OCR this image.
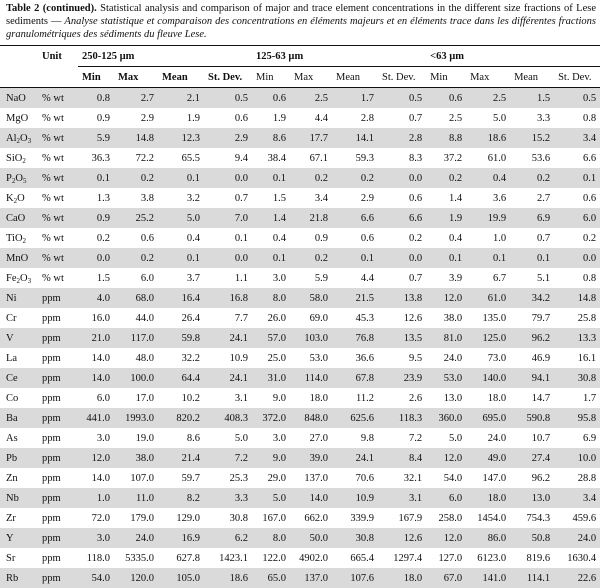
Table 2 (continued). Statistical analysis and comparison of major and trace element concentrations in the different size fractions of Lese sediments — Analyse statistique et comparaison des concentrations en éléments majeurs et en éléments trace dans les différentes fractions granulométriques des sédiments du fleuve Lese.
	Unit	250-125 µm				125-63 µm				<63 µm			
		Min	Max	Mean	St. Dev.	Min	Max	Mean	St. Dev.	Min	Max	Mean	St. Dev.
NaO	% wt	0.8	2.7	2.1	0.5	0.6	2.5	1.7	0.5	0.6	2.5	1.5	0.5
MgO	% wt	0.9	2.9	1.9	0.6	1.9	4.4	2.8	0.7	2.5	5.0	3.3	0.8
$Al_2O_3$	% wt	5.9	14.8	12.3	2.9	8.6	17.7	14.1	2.8	8.8	18.6	15.2	3.4
SiO$_2$	% wt	36.3	72.2	65.5	9.4	38.4	67.1	59.3	8.3	37.2	61.0	53.6	6.6
$P_2O_5$	% wt	0.1	0.2	0.1	0.0	0.1	0.2	0.2	0.0	0.2	0.4	0.2	0.1
$K_2O$	% wt	1.3	3.8	3.2	0.7	1.5	3.4	2.9	0.6	1.4	3.6	2.7	0.6
CaO	% wt	0.9	25.2	5.0	7.0	1.4	21.8	6.6	6.6	1.9	19.9	6.9	6.0
TiO$_2$	% wt	0.2	0.6	0.4	0.1	0.4	0.9	0.6	0.2	0.4	1.0	0.7	0.2
MnO	% wt	0.0	0.2	0.1	0.0	0.1	0.2	0.1	0.0	0.1	0.1	0.1	0.0
$Fe_2O_3$	% wt	1.5	6.0	3.7	1.1	3.0	5.9	4.4	0.7	3.9	6.7	5.1	0.8
Ni	ppm	4.0	68.0	16.4	16.8	8.0	58.0	21.5	13.8	12.0	61.0	34.2	14.8
Cr	ppm	16.0	44.0	26.4	7.7	26.0	69.0	45.3	12.6	38.0	135.0	79.7	25.8
V	ppm	21.0	117.0	59.8	24.1	57.0	103.0	76.8	13.5	81.0	125.0	96.2	13.3
La	ppm	14.0	48.0	32.2	10.9	25.0	53.0	36.6	9.5	24.0	73.0	46.9	16.1
Ce	ppm	14.0	100.0	64.4	24.1	31.0	114.0	67.8	23.9	53.0	140.0	94.1	30.8
Co	ppm	6.0	17.0	10.2	3.1	9.0	18.0	11.2	2.6	13.0	18.0	14.7	1.7
Ba	ppm	441.0	1993.0	820.2	408.3	372.0	848.0	625.6	118.3	360.0	695.0	590.8	95.8
As	ppm	3.0	19.0	8.6	5.0	3.0	27.0	9.8	7.2	5.0	24.0	10.7	6.9
Pb	ppm	12.0	38.0	21.4	7.2	9.0	39.0	24.1	8.4	12.0	49.0	27.4	10.0
Zn	ppm	14.0	107.0	59.7	25.3	29.0	137.0	70.6	32.1	54.0	147.0	96.2	28.8
Nb	ppm	1.0	11.0	8.2	3.3	5.0	14.0	10.9	3.1	6.0	18.0	13.0	3.4
Zr	ppm	72.0	179.0	129.0	30.8	167.0	662.0	339.9	167.9	258.0	1454.0	754.3	459.6
Y	ppm	3.0	24.0	16.9	6.2	8.0	50.0	30.8	12.6	12.0	86.0	50.8	24.0
Sr	ppm	118.0	5335.0	627.8	1423.1	122.0	4902.0	665.4	1297.4	127.0	6123.0	819.6	1630.4
Rb	ppm	54.0	120.0	105.0	18.6	65.0	137.0	107.6	18.0	67.0	141.0	114.1	22.6
